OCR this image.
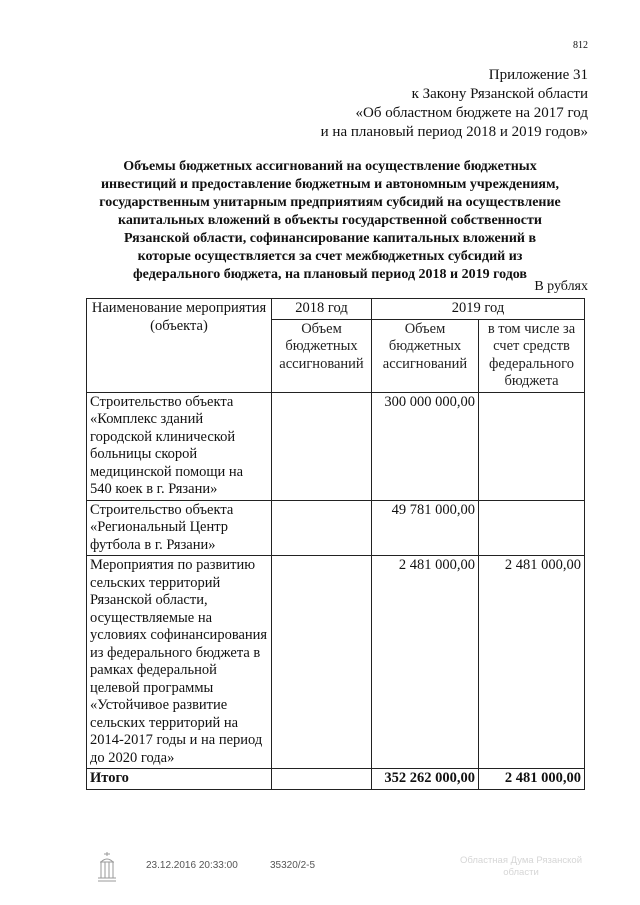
812
Приложение 31
к Закону Рязанской области
«Об областном бюджете на 2017 год
и на плановый период 2018 и 2019 годов»
Объемы бюджетных ассигнований на осуществление бюджетных
инвестиций и предоставление бюджетным и автономным учреждениям,
государственным унитарным предприятиям субсидий на осуществление
капитальных вложений в объекты государственной собственности
Рязанской области, софинансирование капитальных вложений в
которые осуществляется за счет межбюджетных субсидий из
федерального бюджета, на плановый период 2018 и 2019 годов
В рублях
Наименование мероприятия (объекта)	2018 год	2019 год	
	Объем бюджетных ассигнований	Объем бюджетных ассигнований	в том числе за счет средств федерального бюджета
Строительство объекта «Комплекс зданий городской клинической больницы скорой медицинской помощи на 540 коек в г. Рязани»		300 000 000,00	
Строительство объекта «Региональный Центр футбола в г. Рязани»		49 781 000,00	
Мероприятия по развитию сельских территорий Рязанской области, осуществляемые на условиях софинансирования из федерального бюджета в рамках федеральной целевой программы «Устойчивое развитие сельских территорий на 2014-2017 годы и на период до 2020 года»		2 481 000,00	2 481 000,00
Итого		352 262 000,00	2 481 000,00
23.12.2016 20:33:00	35320/2-5	Областная Дума Рязанской
области
